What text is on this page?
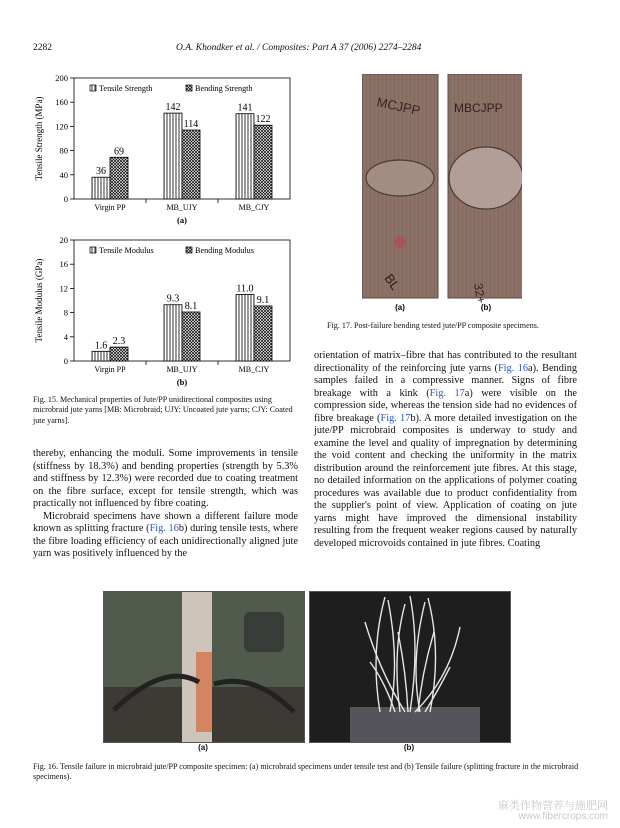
2282	O.A. Khondker et al. / Composites: Part A 37 (2006) 2274–2284
0
40
80
120
160
200
Tensile Strength (MPa)
Virgin PP
36
69
MB_UJY
142
114
MB_CJY
141
122
Tensile Strength	Bending Strength
(a)
0
4
8
12
16
20
Tensile Modulus (GPa)
Virgin PP
1.6 2.3
MB_UJY
9.3
8.1
MB_CJY
11.0
9.1
Tensile Modulus	Bending Modulus
(b)
Fig. 15. Mechanical properties of Jute/PP unidirectional composites using microbraid jute yarns [MB: Microbraid; UJY: Uncoated jute yarns; CJY: Coated jute yarns].
MCJPP
BL
MBCJPP
32+
(a)	(b)
Fig. 17. Post-failure bending tested jute/PP composite specimens.

thereby, enhancing the moduli. Some improvements in tensile (stiffness by 18.3%) and bending properties (strength by 5.3% and stiffness by 12.3%) were recorded due to coating treatment on the fibre surface, except for tensile strength, which was practically not influenced by fibre coating.

Microbraid specimens have shown a different failure mode known as splitting fracture (Fig. 16b) during tensile tests, where the fibre loading efficiency of each unidirectionally aligned jute yarn was positively influenced by the

orientation of matrix–fibre that has contributed to the resultant directionality of the reinforcing jute yarns (Fig. 16a). Bending samples failed in a compressive manner. Signs of fibre breakage with a kink (Fig. 17a) were visible on the compression side, whereas the tension side had no evidences of fibre breakage (Fig. 17b). A more detailed investigation on the jute/PP microbraid composites is underway to study and examine the level and quality of impregnation by determining the void content and checking the uniformity in the matrix distribution around the reinforcement jute fibres. At this stage, no detailed information on the applications of polymer coating procedures was available due to product confidentiality from the supplier's point of view. Application of coating on jute yarns might have improved the dimensional instability resulting from the frequent weaker regions caused by naturally developed microvoids contained in jute fibres. Coating

(a)	(b)
Fig. 16. Tensile failure in microbraid jute/PP composite specimen: (a) microbraid specimens under tensile test and (b) Tensile failure (splitting fracture in the microbraid specimens).
麻类作物营养与施肥网
www.fibercrops.com
